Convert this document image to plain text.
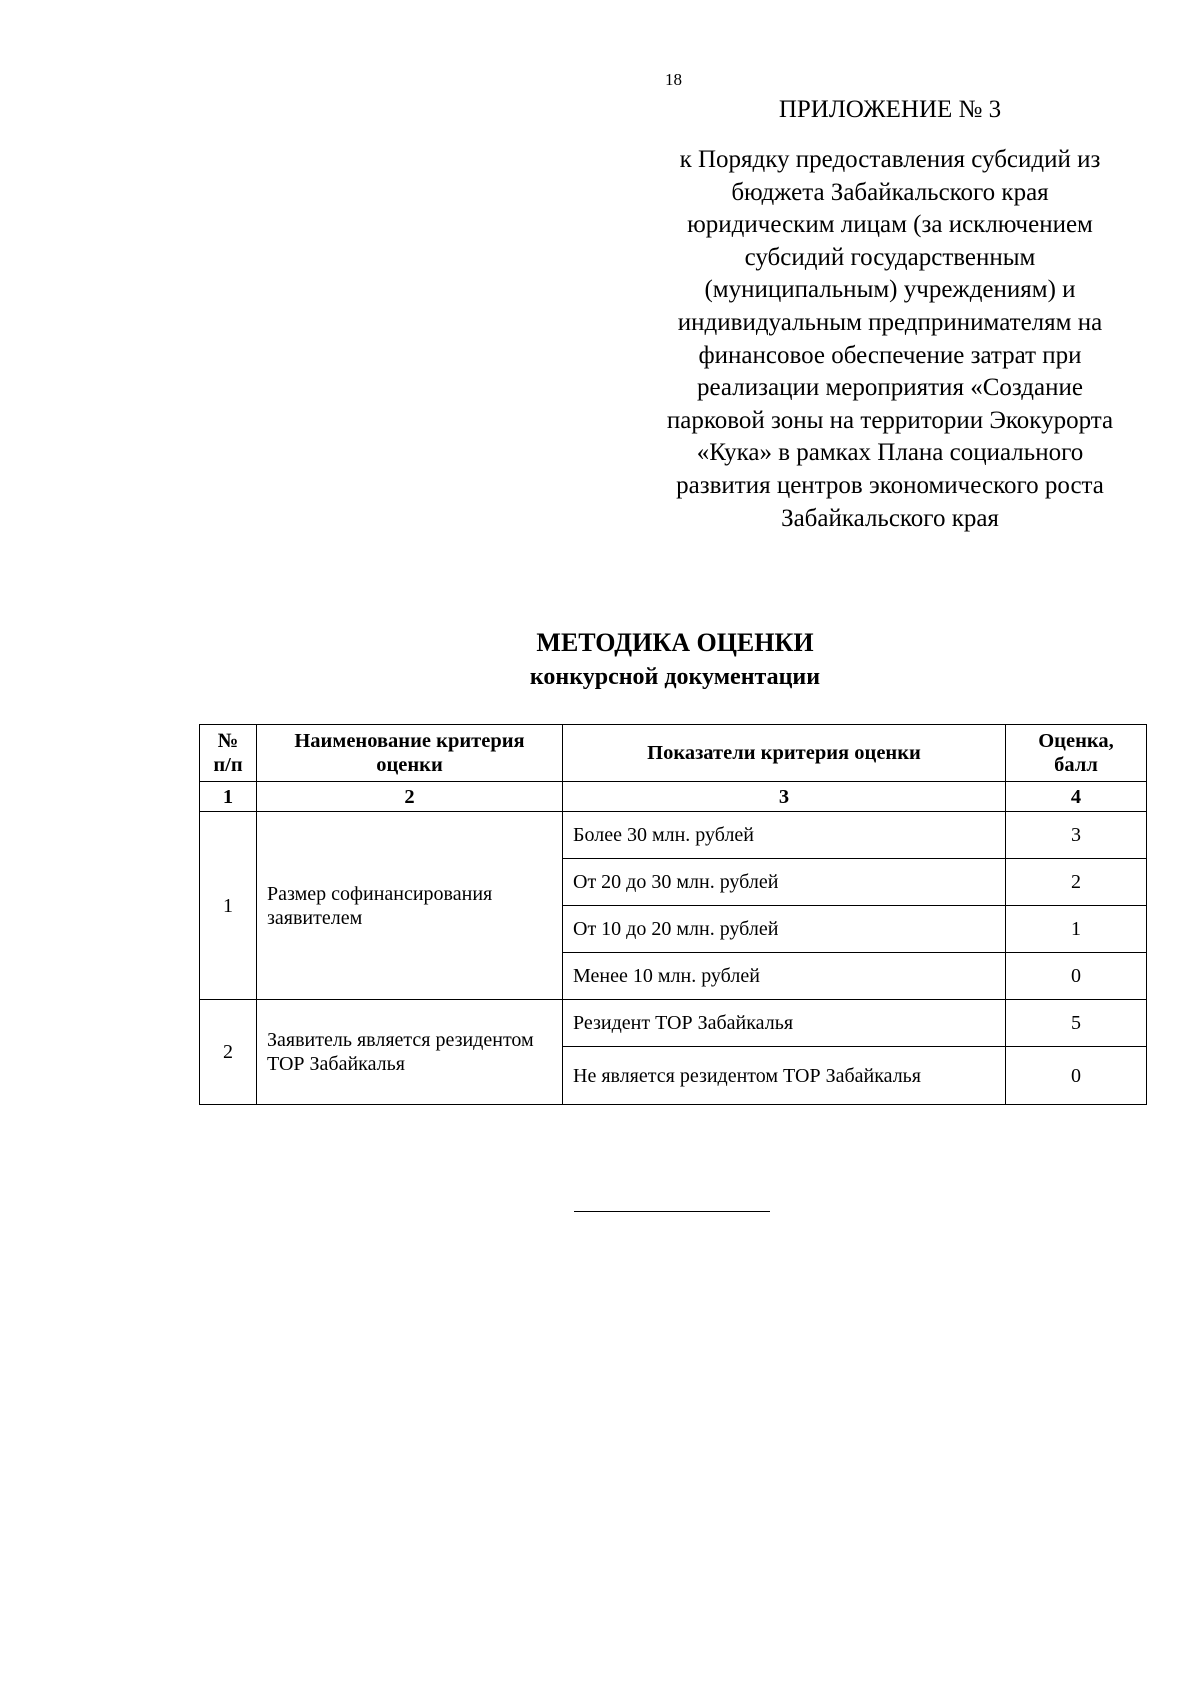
18
ПРИЛОЖЕНИЕ № 3
к Порядку предоставления субсидий из
бюджета Забайкальского края
юридическим лицам (за исключением
субсидий государственным
(муниципальным) учреждениям) и
индивидуальным предпринимателям на
финансовое обеспечение затрат при
реализации мероприятия «Создание
парковой зоны на территории Экокурорта
«Кука» в рамках Плана социального
развития центров экономического роста
Забайкальского края
МЕТОДИКА ОЦЕНКИ
конкурсной документации
№ п/п	Наименование критерия оценки	Показатели критерия оценки	Оценка, балл
1	2	3	4
1	Размер софинансирования заявителем	Более 30 млн. рублей	3
		От 20 до 30 млн. рублей	2
		От 10 до 20 млн. рублей	1
		Менее 10 млн. рублей	0
2	Заявитель является резидентом ТОР Забайкалья	Резидент ТОР Забайкалья	5
		Не является резидентом ТОР Забайкалья	0
